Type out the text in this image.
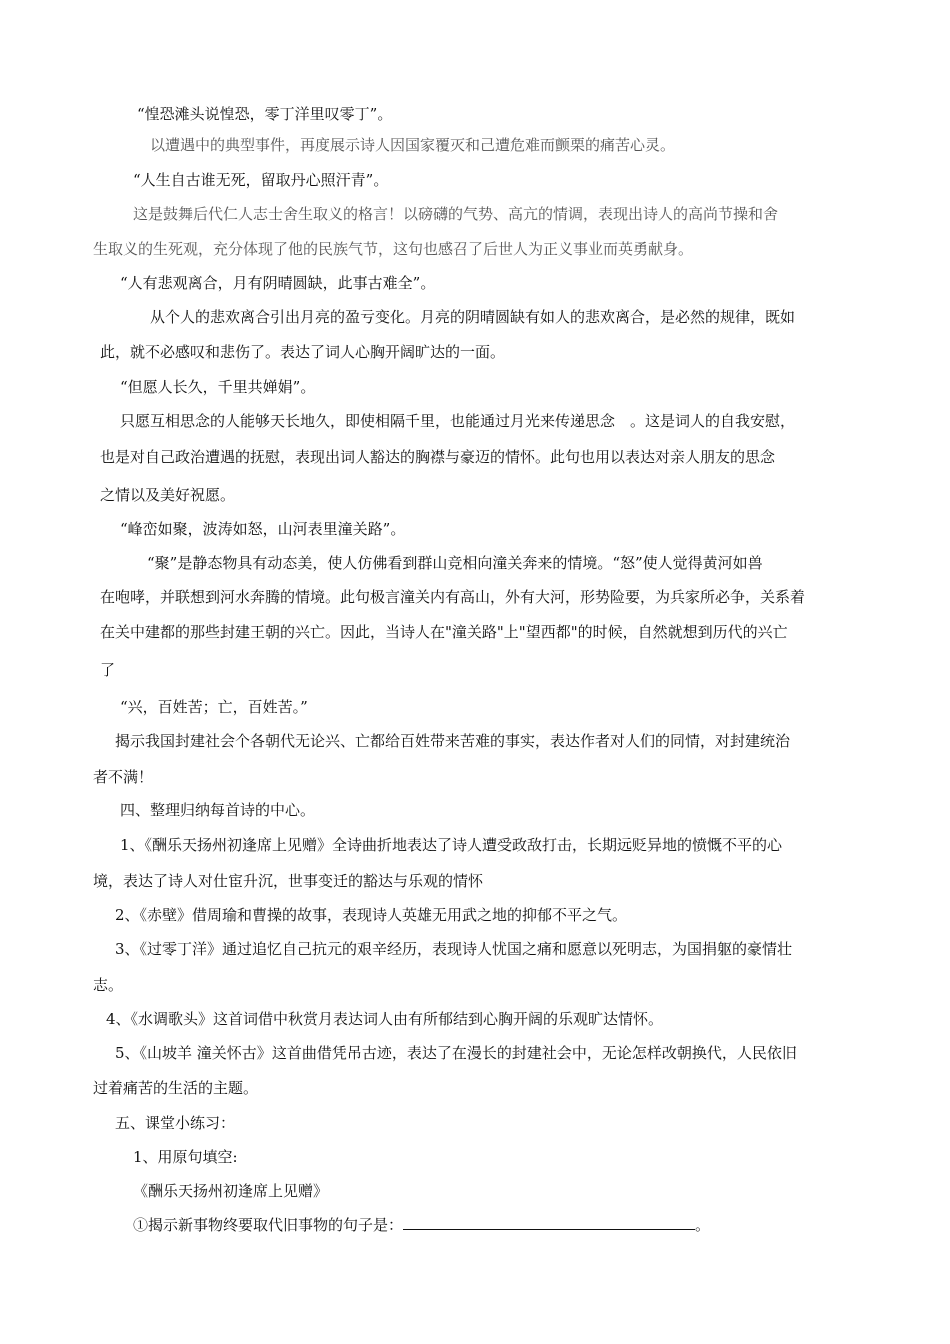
“惶恐滩头说惶恐，零丁洋里叹零丁”。
以遭遇中的典型事件，再度展示诗人因国家覆灭和己遭危难而颤栗的痛苦心灵。
“人生自古谁无死，留取丹心照汗青”。
这是鼓舞后代仁人志士舍生取义的格言！以磅礴的气势、高亢的情调，表现出诗人的高尚节操和舍
生取义的生死观，充分体现了他的民族气节，这句也感召了后世人为正义事业而英勇献身。
“人有悲观离合，月有阴晴圆缺，此事古难全”。
从个人的悲欢离合引出月亮的盈亏变化。月亮的阴晴圆缺有如人的悲欢离合，是必然的规律，既如
此，就不必感叹和悲伤了。表达了词人心胸开阔旷达的一面。
“但愿人长久，千里共婵娟”。
只愿互相思念的人能够天长地久，即使相隔千里，也能通过月光来传递思念　。这是词人的自我安慰，
也是对自己政治遭遇的抚慰，表现出词人豁达的胸襟与豪迈的情怀。此句也用以表达对亲人朋友的思念
之情以及美好祝愿。
“峰峦如聚，波涛如怒，山河表里潼关路”。
“聚”是静态物具有动态美，使人仿佛看到群山竞相向潼关奔来的情境。“怒”使人觉得黄河如兽
在咆哮，并联想到河水奔腾的情境。此句极言潼关内有高山，外有大河，形势险要，为兵家所必争，关系着
在关中建都的那些封建王朝的兴亡。因此，当诗人在"潼关路"上"望西都"的时候，自然就想到历代的兴亡
了
“兴，百姓苦；亡，百姓苦。”
揭示我国封建社会个各朝代无论兴、亡都给百姓带来苦难的事实，表达作者对人们的同情，对封建统治
者不满！
四、整理归纳每首诗的中心。
1、《酬乐天扬州初逢席上见赠》全诗曲折地表达了诗人遭受政敌打击，长期远贬异地的愤慨不平的心
境，表达了诗人对仕宦升沉，世事变迁的豁达与乐观的情怀
2、《赤壁》借周瑜和曹操的故事，表现诗人英雄无用武之地的抑郁不平之气。
3、《过零丁洋》通过追忆自己抗元的艰辛经历，表现诗人忧国之痛和愿意以死明志，为国捐躯的豪情壮
志。
4、《水调歌头》这首词借中秋赏月表达词人由有所郁结到心胸开阔的乐观旷达情怀。
5、《山坡羊 潼关怀古》这首曲借凭吊古迹，表达了在漫长的封建社会中，无论怎样改朝换代，人民依旧
过着痛苦的生活的主题。
五、课堂小练习：
1、用原句填空:
《酬乐天扬州初逢席上见赠》
①揭示新事物终要取代旧事物的句子是：	。
